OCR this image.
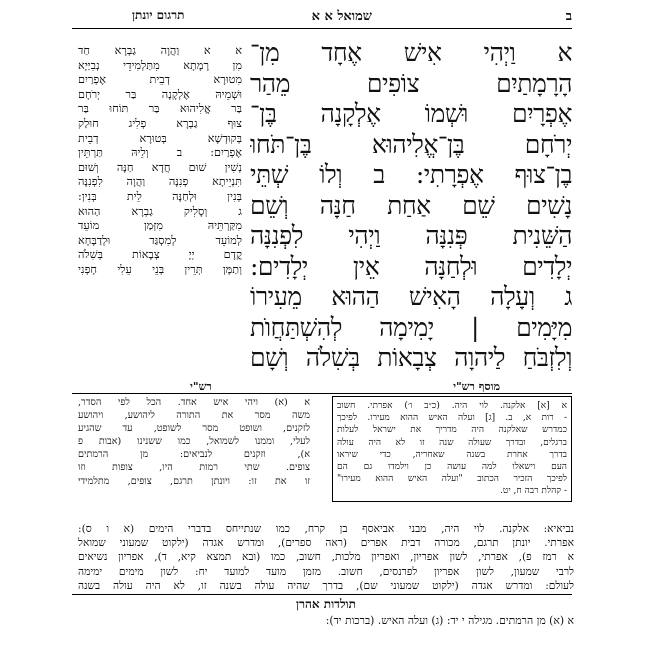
ב
שמואל א א
תרגום יונתן
א וַיְהִי אִישׁ אֶחָד מִן־
הָרָמָתַיִם צוֹפִים מֵהַר
אֶפְרָיִם וּשְׁמוֹ אֶלְקָנָה בֶּן־
יְרֹחָם בֶּן־אֱלִיהוּא בֶּן־תֹּחוּ
בֶן־צוּף אֶפְרָתִי: ב וְלוֹ שְׁתֵּי
נָשִׁים שֵׁם אַחַת חַנָּה וְשֵׁם
הַשֵּׁנִית פְּנִנָּה וַיְהִי לִפְנִנָּה
יְלָדִים וּלְחַנָּה אֵין יְלָדִים:
ג וְעָלָה הָאִישׁ הַהוּא מֵעִירוֹ
מִיָּמִים | יָמִימָה לְהִשְׁתַּחֲוֺת
וְלִזְבֹּחַ לַיהוָה צְבָאוֹת בְּשִׁלֹה וְשָׁם
א א וַהֲוָה גַבְרָא חַד
מִן רָמָתָא מִתַּלְמִידֵי נְבִיַּיָא
מִטוּרָא דְבֵית אֶפְרַיִם
וּשְׁמֵיהּ אֶלְקָנָה בַּר יְרֹחָם
בַּר אֱלִיהוּא בַּר תּוֹחוּ בַּר
צוּף גַבְרָא פְלִיג חוּלַק
בְּקוּדְשָׁא בְּטוּרָא דְבֵית
אֶפְרַיִם: ב וְלֵיהּ תַּרְתֵּין
נְשִׁין שׁוּם חֲדָא חַנָּה וְשׁוּם
תִּנְיֵיתָא פְנִנָּה וַהֲוָה לִפְנִנָּה
בְּנִין וּלְחַנָּה לֵית בְּנִין:
ג וְסָלִיק גַבְרָא הַהוּא
מִקַּרְתֵּיהּ מִזְּמַן מוֹעֵד
לְמוֹעֵד לְמִסְגַּד וּלְדַבָּחָא
קֳדָם יְיָ צְבָאוֹת בְּשִׁלֹה
וְתַמָּן תְּרֵין בְּנֵי עֵלִי חָפְנִי
רש"י	מוסף רש"י
א (א) ויהי איש אחד. הכל לפי הסדר,
משה מסר את התורה ליהושע, ויהושע
לזקנים, ושופט מסר לשופט, עד שהגיע
לעלי, וממנו לשמואל, כמו ששנינו (אבות פ
א), וזקנים לנביאים: מן הרמתים
צופים. שתי רמות היו, צופות וזו
זו את זו: ויונתן תרגם, צופים, מתלמידי
א [א] אלקנה. לוי היה. (כ״ב ו׳) אפרתי. חשוב
- רות א, ב. [ג] ועלה האיש ההוא מעירו. לפיכך
כמדרש שאלקנה היה מדריך את ישראל לעלות
ברגלים, ובדרך שעולה שנה זו לא היה עולה
בדרך אחרת בשנה שאחריה, כדי שיראו
העם וישאלו למה עושה כן וילמדו גם הם
לפיכך הזכיר הכתוב "ועלה האיש ההוא מעירו"
- קהלת רבה ח, יט.
נביאיא: אלקנה. לוי היה, מבני אביאסף בן קרח, כמו שנתייחס בדברי הימים (א ו ס):
אפרתי. יונתן תרגם, מכורה דבית אפרים (ראה ספרים), ומדרש אגדה (ילקוט שמעוני שמואל
א רמז פ), אפרתי, לשון אפריון, ואפריון מלכות, חשוב, כמו (ובא תמצא קיא, ד), אפריון נשיאים
לרבי שמעון, לשון אפריון לפרנסים, חשוב. מזמן מועד למועד יח: לשון מימים ימימה
לעולם: ומדרש אגדה (ילקוט שמעוני שם), בדרך שהיה עולה בשנה זו, לא היה עולה בשנה
תולדות אהרן
א (א) מן הרמתים. מגילה י יד: (ג) ועלה האיש. (ברכות יד):
